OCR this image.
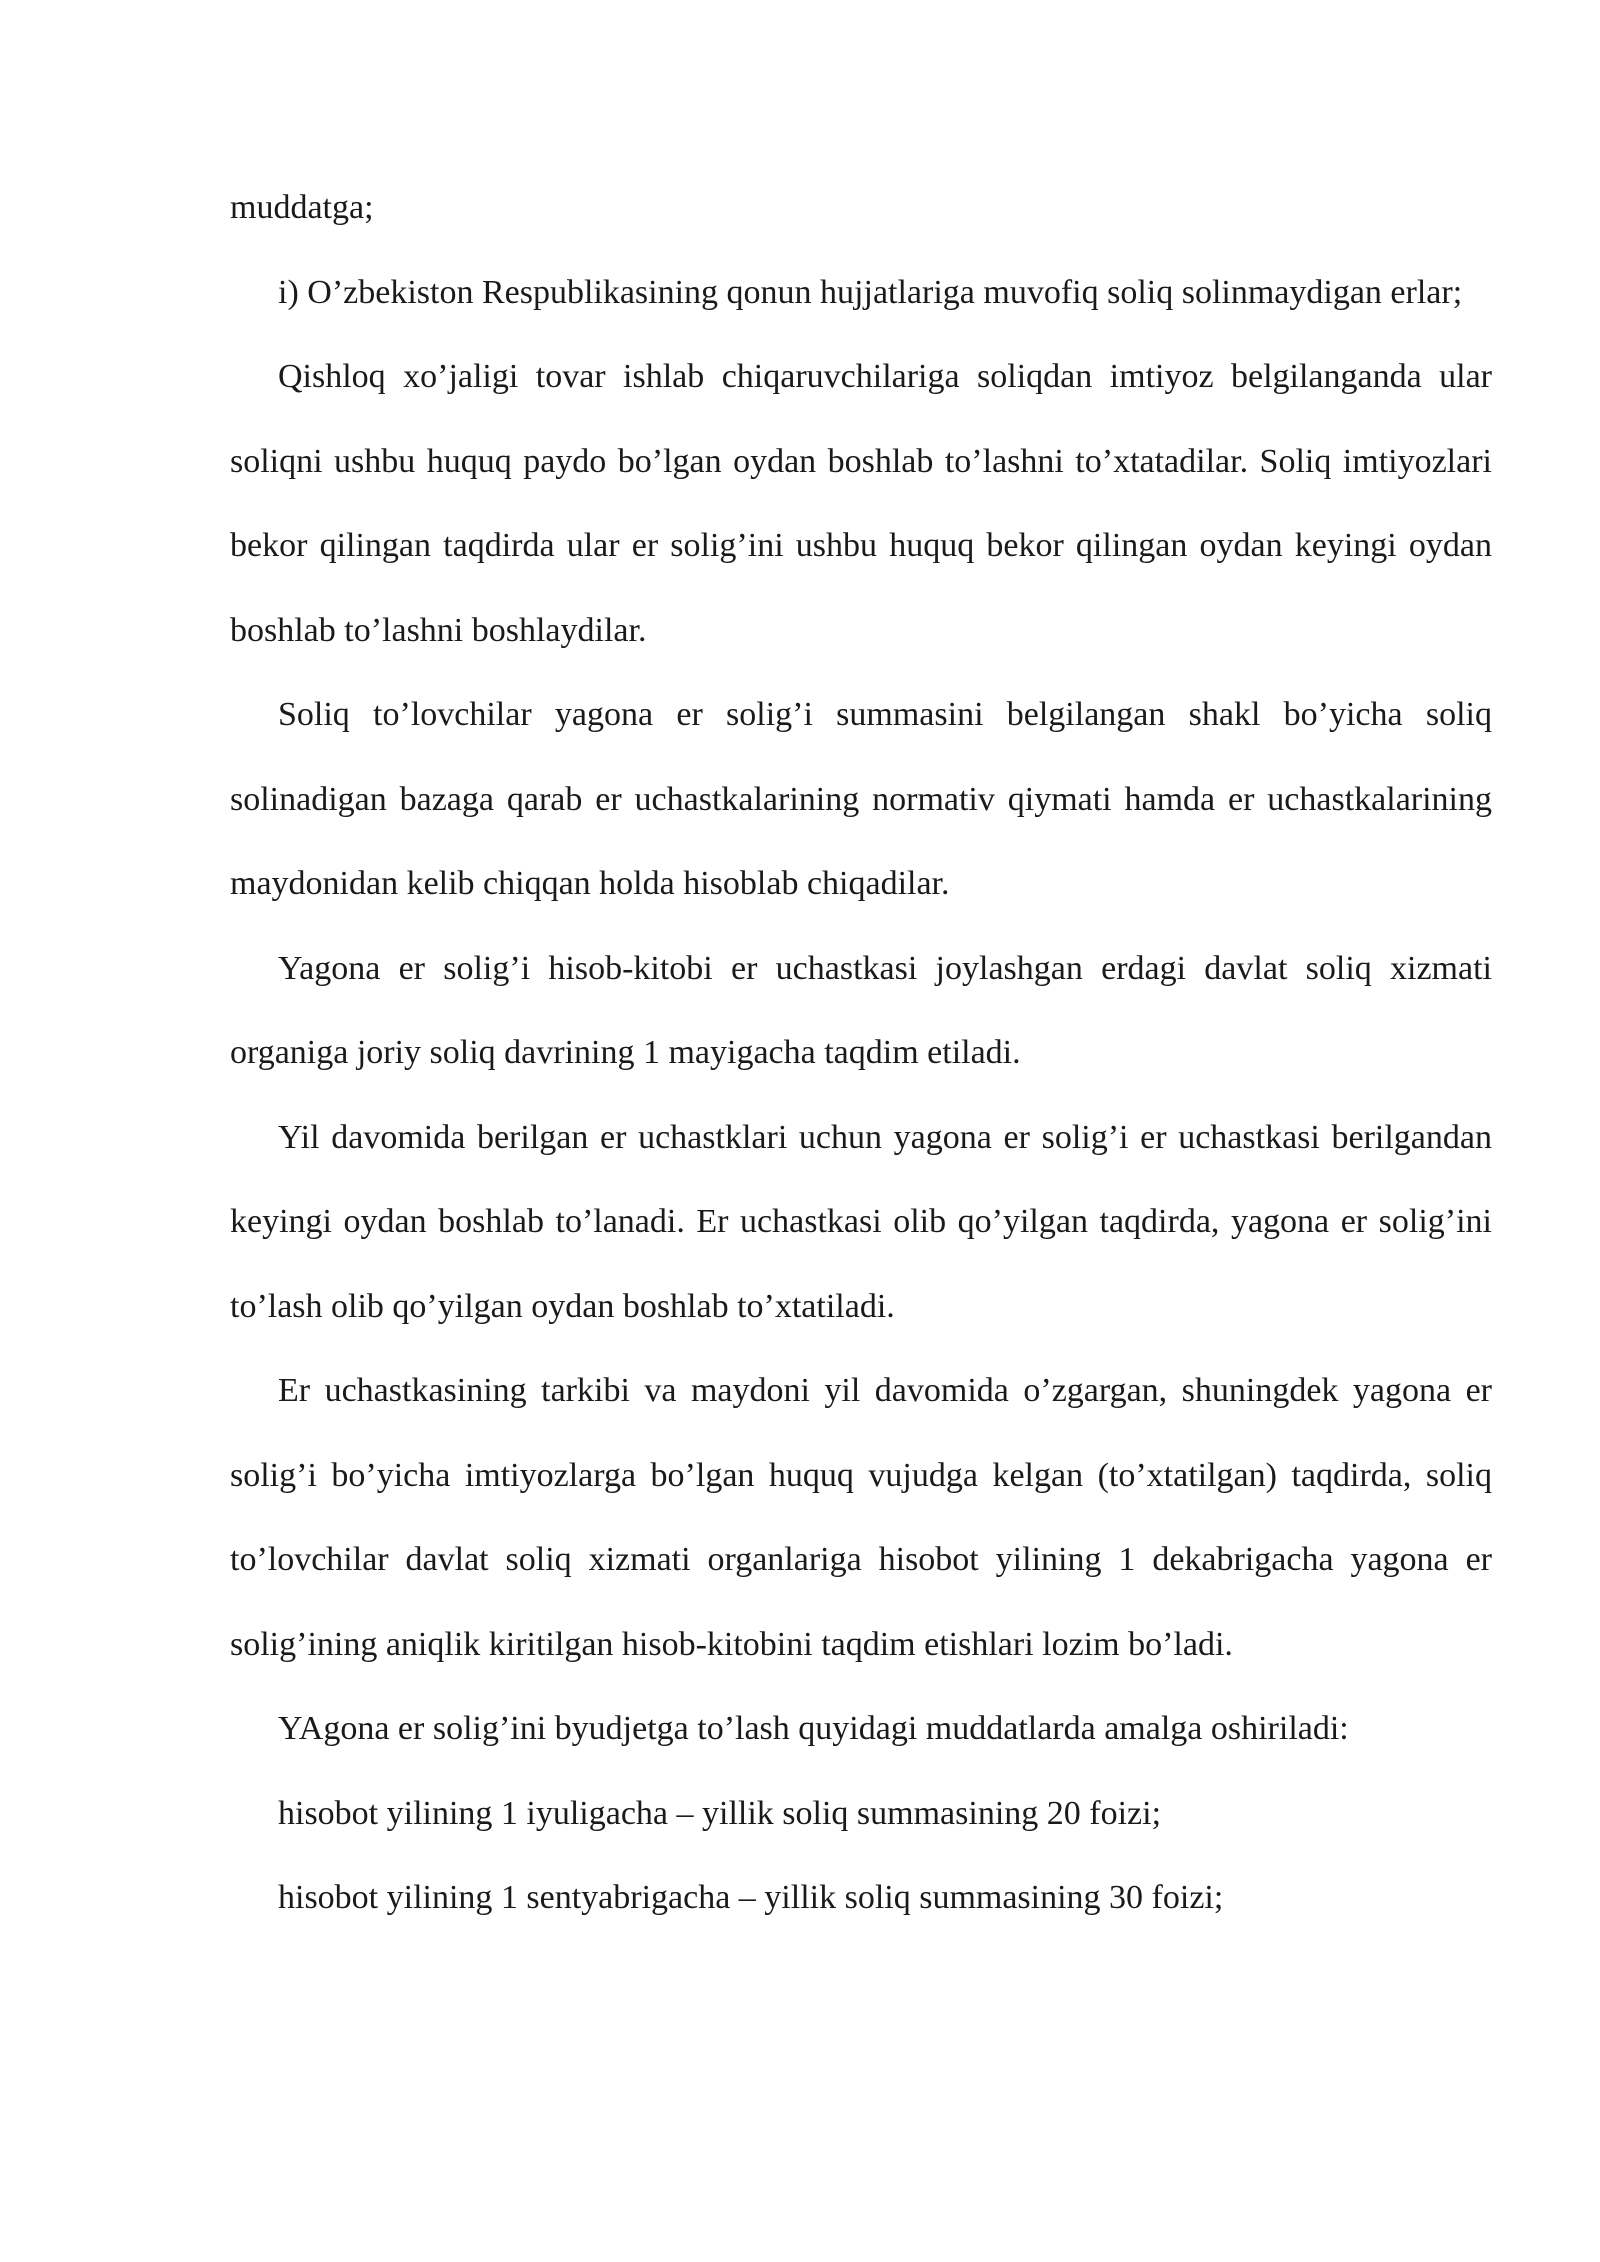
muddatga;

i) O’zbekiston Respublikasining qonun hujjatlariga muvofiq soliq solinmaydigan erlar;

Qishloq xo’jaligi tovar ishlab chiqaruvchilariga soliqdan imtiyoz belgilanganda ular soliqni ushbu huquq paydo bo’lgan oydan boshlab to’lashni to’xtatadilar. Soliq imtiyozlari bekor qilingan taqdirda ular er solig’ini ushbu huquq bekor qilingan oydan keyingi oydan boshlab to’lashni boshlaydilar.

Soliq to’lovchilar yagona er solig’i summasini belgilangan shakl bo’yicha soliq solinadigan bazaga qarab er uchastkalarining normativ qiymati hamda er uchastkalarining maydonidan kelib chiqqan holda hisoblab chiqadilar.

Yagona er solig’i hisob-kitobi er uchastkasi joylashgan erdagi davlat soliq xizmati organiga joriy soliq davrining 1 mayigacha taqdim etiladi.

Yil davomida berilgan er uchastklari uchun yagona er solig’i er uchastkasi berilgandan keyingi oydan boshlab to’lanadi. Er uchastkasi olib qo’yilgan taqdirda, yagona er solig’ini to’lash olib qo’yilgan oydan boshlab to’xtatiladi.

Er uchastkasining tarkibi va maydoni yil davomida o’zgargan, shuningdek yagona er solig’i bo’yicha imtiyozlarga bo’lgan huquq vujudga kelgan (to’xtatilgan) taqdirda, soliq to’lovchilar davlat soliq xizmati organlariga hisobot yilining 1 dekabrigacha yagona er solig’ining aniqlik kiritilgan hisob-kitobini taqdim etishlari lozim bo’ladi.

YAgona er solig’ini byudjetga to’lash quyidagi muddatlarda amalga oshiriladi:

hisobot yilining 1 iyuligacha – yillik soliq summasining 20 foizi;

hisobot yilining 1 sentyabrigacha – yillik soliq summasining 30 foizi;
